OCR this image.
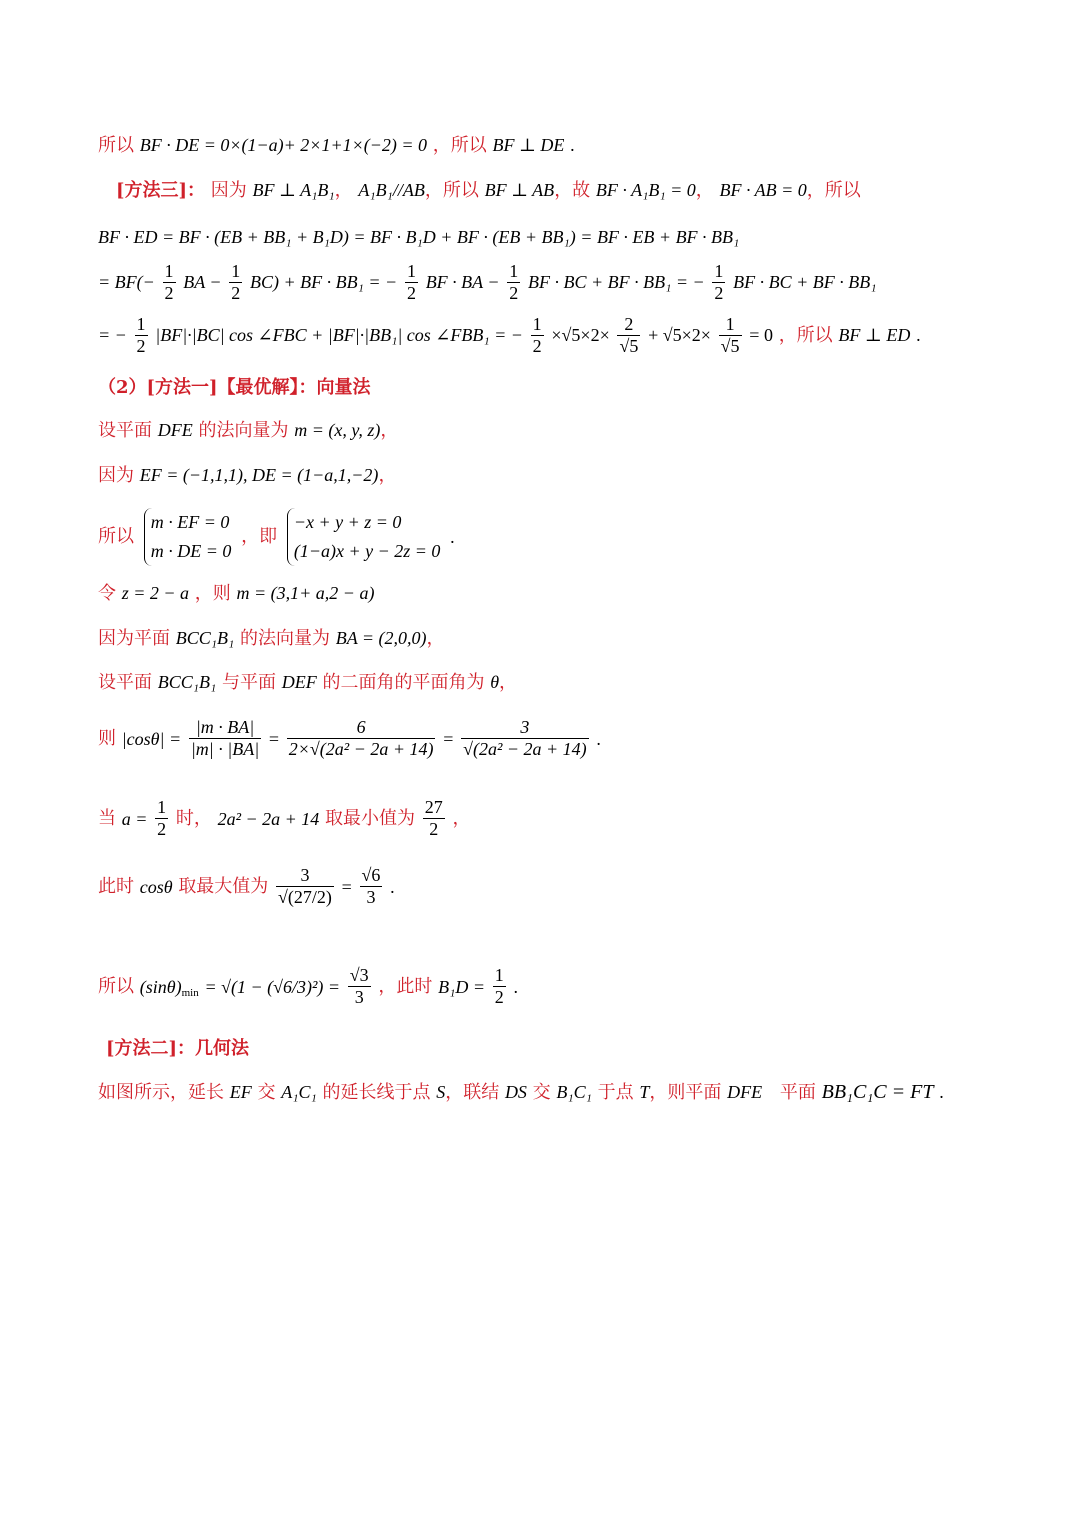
所以 BF · DE = 0×(1−a)+ 2×1+1×(−2) = 0 ，所以 BF ⊥ DE .
[方法三]： 因为 BF ⊥ A₁B₁， A₁B₁//AB，所以 BF ⊥ AB，故 BF · A₁B₁ = 0， BF · AB = 0，所以
BF · ED = BF · (EB + BB₁ + B₁D) = BF · B₁D + BF · (EB + BB₁) = BF · EB + BF · BB₁
= $BF(- \frac{1}{2}$ BA − $\frac{1}{2} BC$) + BF · BB₁ = − $\frac{1}{2}$ BF · BA − $\frac{1}{2}$ BF · BC + BF · BB₁ = − $\frac{1}{2}$ BF · BC + BF · BB₁
= − $\frac{1}{2} |BF|\cdot|BC|$ cos ∠FBC + |BF|·|BB₁| cos ∠FBB₁ = − $\frac{1}{2} \times√5\times 2\times \frac{2}{√5} + √5\times 2\times \frac{1}{√5} = 0$ ，所以 BF ⊥ ED .
（2）[方法一]【最优解】：向量法
设平面 DFE 的法向量为 m = (x, y, z)，
因为 EF = (−1,1,1), DE = (1−a,1,−2)，
所以 m · EF = 0
m · DE = 0 ，即 −x + y + z = 0
(1−a)x + y − 2z = 0 .
令 z = 2 − a ，则 m = (3,1+ a,2 − a)
因为平面 BCC₁B₁ 的法向量为 BA = (2,0,0)，
设平面 BCC₁B₁ 与平面 DEF 的二面角的平面角为 θ，
则 $|\cos\theta| = \frac{|m \cdot BA|}{|m| \cdot |BA|} = \frac{6}{\text{2×√(2a² − 2a + 14)}} = \frac{3}{\text{√(2a² − 2a + 14)}}$ .
当 $a = \frac{1}{2}$ 时， 2a² − 2a + 14 取最小值为 $\frac{27}{2}$ ，
此时 cosθ 取最大值为 $\frac{3}{√(27/2)} = \frac{√6}{3}$ .
所以 $(\sin\theta)_{min} = √(1 - (√6/3)^2) = \frac{√3}{3}$ ，此时 $B_1D = \frac{1}{2}$ .
[方法二]：几何法
如图所示，延长 EF 交 A₁C₁ 的延长线于点 S，联结 DS 交 B₁C₁ 于点 T，则平面 DFE 平面 BB₁C₁C = FT .
